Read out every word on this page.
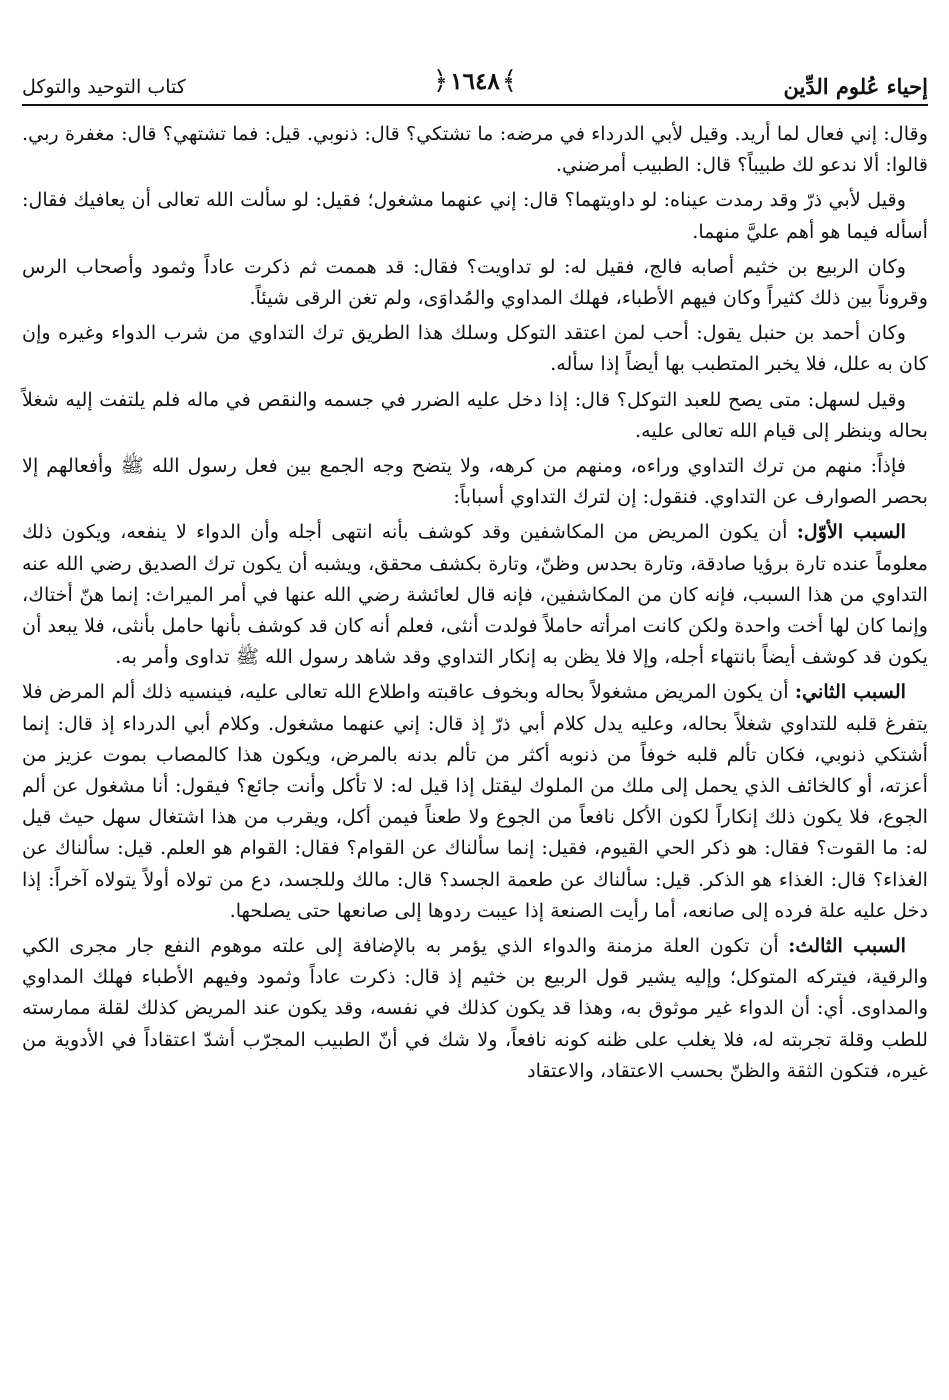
إحياء عُلوم الدِّين
﴿١٦٤٨﴾
كتاب التوحيد والتوكل

وقال: إني فعال لما أريد. وقيل لأبي الدرداء في مرضه: ما تشتكي؟ قال: ذنوبي. قيل: فما تشتهي؟ قال: مغفرة ربي. قالوا: ألا ندعو لك طبيباً؟ قال: الطبيب أمرضني.

وقيل لأبي ذرّ وقد رمدت عيناه: لو داويتهما؟ قال: إني عنهما مشغول؛ فقيل: لو سألت الله تعالى أن يعافيك فقال: أسأله فيما هو أهم عليَّ منهما.

وكان الربيع بن خثيم أصابه فالج، فقيل له: لو تداويت؟ فقال: قد هممت ثم ذكرت عاداً وثمود وأصحاب الرس وقروناً بين ذلك كثيراً وكان فيهم الأطباء، فهلك المداوي والمُداوَى، ولم تغن الرقى شيئاً.

وكان أحمد بن حنبل يقول: أحب لمن اعتقد التوكل وسلك هذا الطريق ترك التداوي من شرب الدواء وغيره وإن كان به علل، فلا يخبر المتطبب بها أيضاً إذا سأله.

وقيل لسهل: متى يصح للعبد التوكل؟ قال: إذا دخل عليه الضرر في جسمه والنقص في ماله فلم يلتفت إليه شغلاً بحاله وينظر إلى قيام الله تعالى عليه.

فإذاً: منهم من ترك التداوي وراءه، ومنهم من كرهه، ولا يتضح وجه الجمع بين فعل رسول الله ﷺ وأفعالهم إلا بحصر الصوارف عن التداوي. فنقول: إن لترك التداوي أسباباً:

السبب الأوّل: أن يكون المريض من المكاشفين وقد كوشف بأنه انتهى أجله وأن الدواء لا ينفعه، ويكون ذلك معلوماً عنده تارة برؤيا صادقة، وتارة بحدس وظنّ، وتارة بكشف محقق، ويشبه أن يكون ترك الصديق رضي الله عنه التداوي من هذا السبب، فإنه كان من المكاشفين، فإنه قال لعائشة رضي الله عنها في أمر الميراث: إنما هنّ أختاك، وإنما كان لها أخت واحدة ولكن كانت امرأته حاملاً فولدت أنثى، فعلم أنه كان قد كوشف بأنها حامل بأنثى، فلا يبعد أن يكون قد كوشف أيضاً بانتهاء أجله، وإلا فلا يظن به إنكار التداوي وقد شاهد رسول الله ﷺ تداوى وأمر به.

السبب الثاني: أن يكون المريض مشغولاً بحاله وبخوف عاقبته واطلاع الله تعالى عليه، فينسيه ذلك ألم المرض فلا يتفرغ قلبه للتداوي شغلاً بحاله، وعليه يدل كلام أبي ذرّ إذ قال: إني عنهما مشغول. وكلام أبي الدرداء إذ قال: إنما أشتكي ذنوبي، فكان تألم قلبه خوفاً من ذنوبه أكثر من تألم بدنه بالمرض، ويكون هذا كالمصاب بموت عزيز من أعزته، أو كالخائف الذي يحمل إلى ملك من الملوك ليقتل إذا قيل له: لا تأكل وأنت جائع؟ فيقول: أنا مشغول عن ألم الجوع، فلا يكون ذلك إنكاراً لكون الأكل نافعاً من الجوع ولا طعناً فيمن أكل، ويقرب من هذا اشتغال سهل حيث قيل له: ما القوت؟ فقال: هو ذكر الحي القيوم، فقيل: إنما سألناك عن القوام؟ فقال: القوام هو العلم. قيل: سألناك عن الغذاء؟ قال: الغذاء هو الذكر. قيل: سألناك عن طعمة الجسد؟ قال: مالك وللجسد، دع من تولاه أولاً يتولاه آخراً: إذا دخل عليه علة فرده إلى صانعه، أما رأيت الصنعة إذا عيبت ردوها إلى صانعها حتى يصلحها.

السبب الثالث: أن تكون العلة مزمنة والدواء الذي يؤمر به بالإضافة إلى علته موهوم النفع جار مجرى الكي والرقية، فيتركه المتوكل؛ وإليه يشير قول الربيع بن خثيم إذ قال: ذكرت عاداً وثمود وفيهم الأطباء فهلك المداوي والمداوى. أي: أن الدواء غير موثوق به، وهذا قد يكون كذلك في نفسه، وقد يكون عند المريض كذلك لقلة ممارسته للطب وقلة تجربته له، فلا يغلب على ظنه كونه نافعاً، ولا شك في أنّ الطبيب المجرّب أشدّ اعتقاداً في الأدوية من غيره، فتكون الثقة والظنّ بحسب الاعتقاد، والاعتقاد
